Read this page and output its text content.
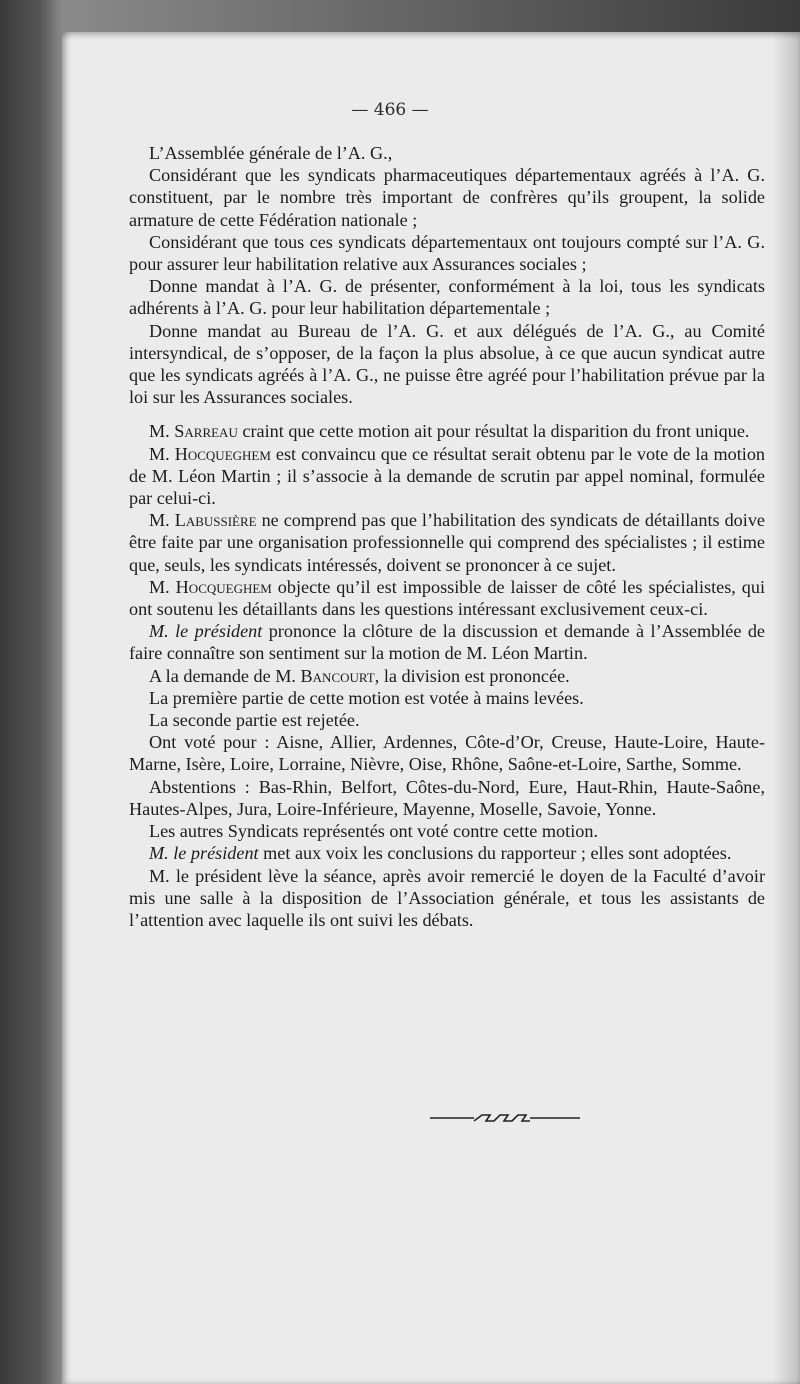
— 466 —

L’Assemblée générale de l’A. G.,

Considérant que les syndicats pharmaceutiques départementaux agréés à l’A. G. constituent, par le nombre très important de confrères qu’ils groupent, la solide armature de cette Fédération nationale ;

Considérant que tous ces syndicats départementaux ont toujours compté sur l’A. G. pour assurer leur habilitation relative aux Assurances sociales ;

Donne mandat à l’A. G. de présenter, conformément à la loi, tous les syndicats adhérents à l’A. G. pour leur habilitation départementale ;

Donne mandat au Bureau de l’A. G. et aux délégués de l’A. G., au Comité intersyndical, de s’opposer, de la façon la plus absolue, à ce que aucun syndicat autre que les syndicats agréés à l’A. G., ne puisse être agréé pour l’habilitation prévue par la loi sur les Assurances sociales.

M. Sarreau craint que cette motion ait pour résultat la disparition du front unique.

M. Hocqueghem est convaincu que ce résultat serait obtenu par le vote de la motion de M. Léon Martin ; il s’associe à la demande de scrutin par appel nominal, formulée par celui-ci.

M. Labussière ne comprend pas que l’habilitation des syndicats de détaillants doive être faite par une organisation professionnelle qui comprend des spécialistes ; il estime que, seuls, les syndicats intéressés, doivent se prononcer à ce sujet.

M. Hocqueghem objecte qu’il est impossible de laisser de côté les spécialistes, qui ont soutenu les détaillants dans les questions intéressant exclusivement ceux-ci.

M. le président prononce la clôture de la discussion et demande à l’Assemblée de faire connaître son sentiment sur la motion de M. Léon Martin.

A la demande de M. Bancourt, la division est prononcée.

La première partie de cette motion est votée à mains levées.

La seconde partie est rejetée.

Ont voté pour : Aisne, Allier, Ardennes, Côte-d’Or, Creuse, Haute-Loire, Haute-Marne, Isère, Loire, Lorraine, Nièvre, Oise, Rhône, Saône-et-Loire, Sarthe, Somme.

Abstentions : Bas-Rhin, Belfort, Côtes-du-Nord, Eure, Haut-Rhin, Haute-Saône, Hautes-Alpes, Jura, Loire-Inférieure, Mayenne, Moselle, Savoie, Yonne.

Les autres Syndicats représentés ont voté contre cette motion.

M. le président met aux voix les conclusions du rapporteur ; elles sont adoptées.

M. le président lève la séance, après avoir remercié le doyen de la Faculté d’avoir mis une salle à la disposition de l’Association générale, et tous les assistants de l’attention avec laquelle ils ont suivi les débats.
